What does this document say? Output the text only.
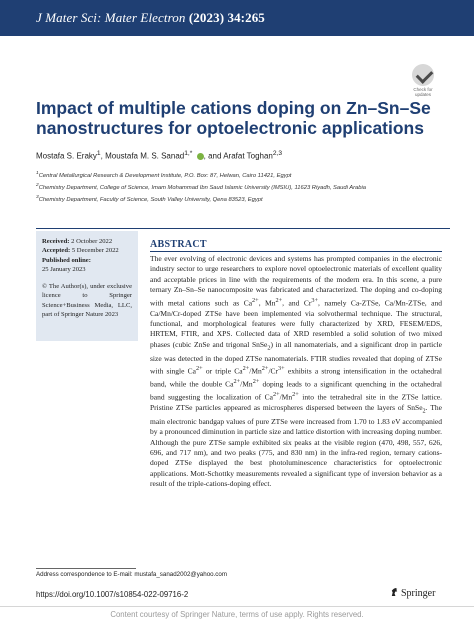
J Mater Sci: Mater Electron (2023) 34:265
Check for
updates
Impact of multiple cations doping on Zn–Sn–Se
nanostructures for optoelectronic applications
Mostafa S. Eraky$^1$, Moustafa M. S. Sanad$^{1,*}$ , and Arafat Toghan$^{2,3}$
$^1$Central Metallurgical Research & Development Institute, P.O. Box: 87, Helwan, Cairo 11421, Egypt
$^2$Chemistry Department, College of Science, Imam Mohammad Ibn Saud Islamic University (IMSIU), 11623 Riyadh, Saudi Arabia
$^3$Chemistry Department, Faculty of Science, South Valley University, Qena 83523, Egypt
Received: 2 October 2022
Accepted: 5 December 2022
Published online:
25 January 2023
© The Author(s), under exclusive licence to Springer Science+Business Media, LLC, part of Springer Nature 2023
ABSTRACT
The ever evolving of electronic devices and systems has prompted companies in the electronic industry sector to urge researchers to explore novel optoelectronic materials of excellent quality and acceptable prices in line with the requirements of the modern era. In this scene, a pure ternary Zn–Sn–Se nanocomposite was fabricated and characterized. The doping and co-doping with metal cations such as $Ca^{2+}$, $Mn^{2+}$, and $Cr^{3+}$, namely Ca-ZTSe, Ca/Mn-ZTSe, and Ca/Mn/Cr-doped ZTSe have been implemented via solvothermal technique. The structural, functional, and morphological features were fully characterized by XRD, FESEM/EDS, HRTEM, FTIR, and XPS. Collected data of XRD resembled a solid solution of two mixed phases (cubic ZnSe and trigonal SnSe$_2$) in all nanomaterials, and a significant drop in particle size was detected in the doped ZTSe nanomaterials. FTIR studies revealed that doping of ZTSe with single $Ca^{2+}$ or triple $Ca^{2+}/Mn^{2+}/Cr^{3+}$ exhibits a strong intensification in the octahedral band, while the double $Ca^{2+}/Mn^{2+}$ doping leads to a significant quenching in the octahedral band suggesting the localization of $Ca^{2+}/Mn^{2+}$ into the tetrahedral site in the ZTSe lattice. Pristine ZTSe particles appeared as microspheres dispersed between the layers of SnSe$_2$. The main electronic bandgap values of pure ZTSe were increased from 1.70 to 1.83 eV accompanied by a pronounced diminution in particle size and lattice distortion with increasing doping number. Although the pure ZTSe sample exhibited six peaks at the visible region (470, 498, 557, 626, 696, and 717 nm), and two peaks (775, and 830 nm) in the infra-red region, ternary cations-doped ZTSe displayed the best photoluminescence characteristics for optoelectronic applications. Mott-Schottky measurements revealed a significant type of inversion behavior as a result of the triple-cations-doping effect.
Address correspondence to E-mail: mustafa_sanad2002@yahoo.com
https://doi.org/10.1007/s10854-022-09716-2	Springer
Content courtesy of Springer Nature, terms of use apply. Rights reserved.
